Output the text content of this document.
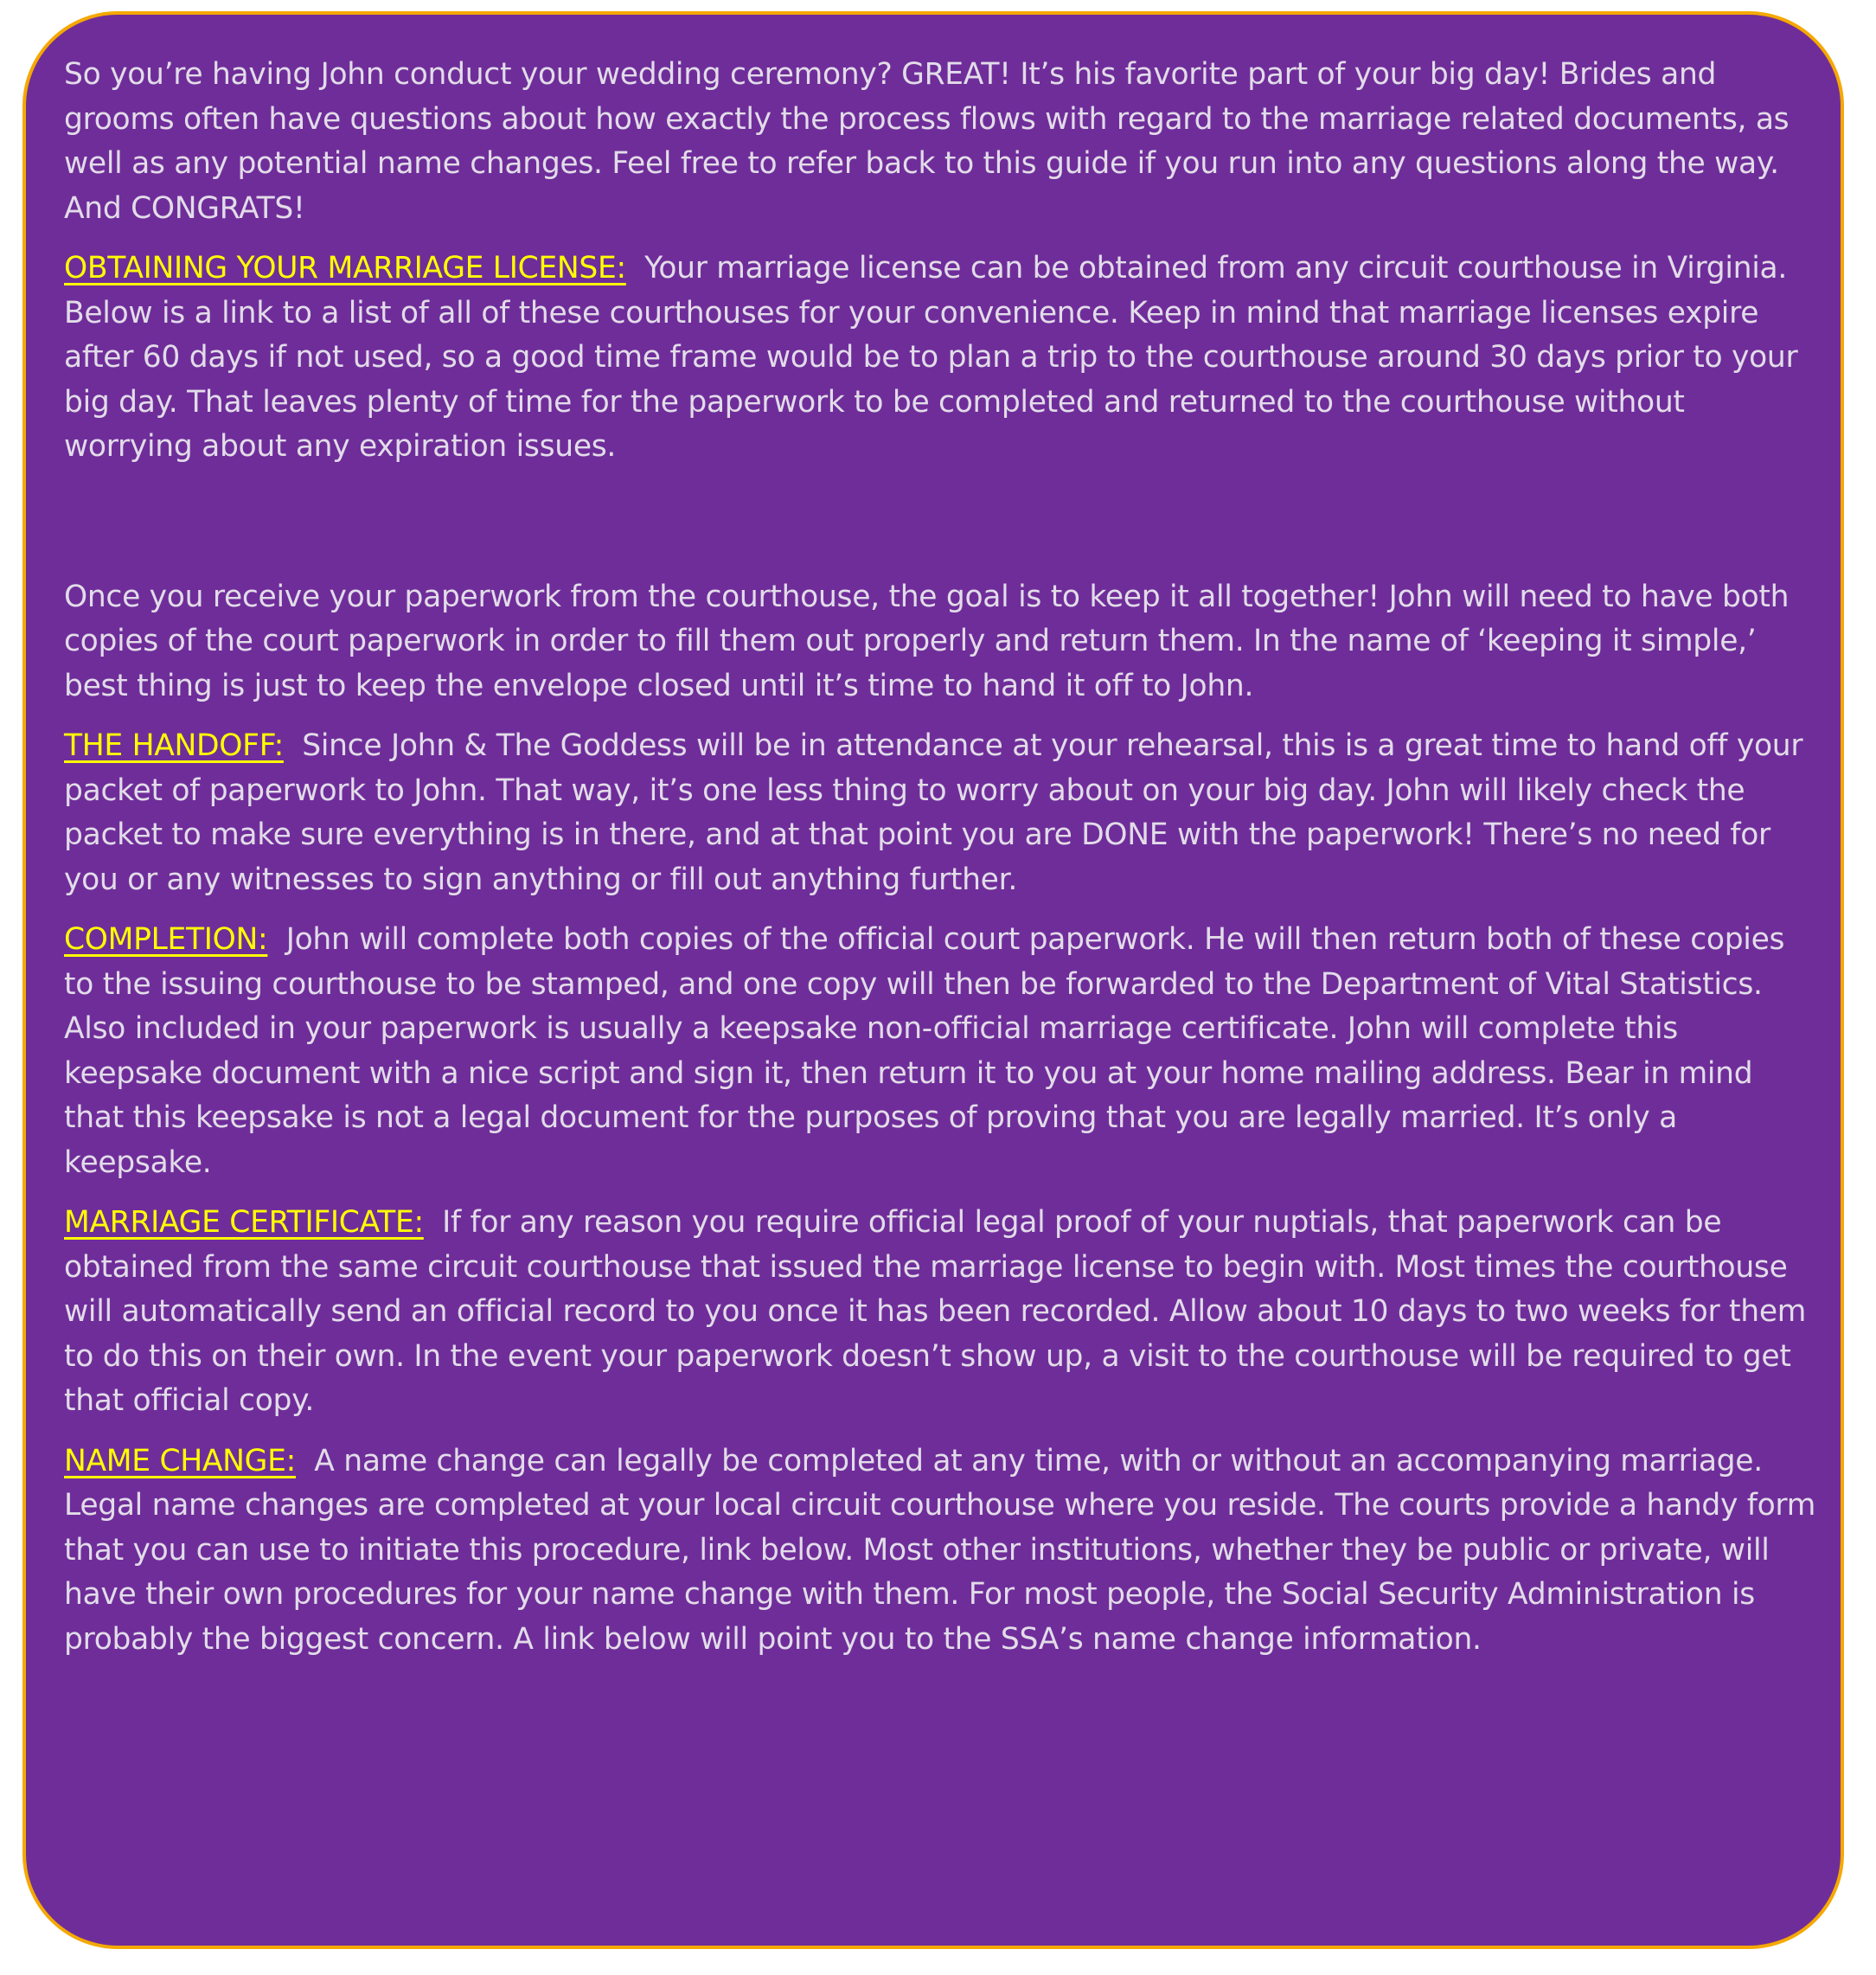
So you’re having John conduct your wedding ceremony? GREAT! It’s his favorite part of your big day! Brides and grooms often have questions about how exactly the process flows with regard to the marriage related documents, as well as any potential name changes. Feel free to refer back to this guide if you run into any questions along the way. And CONGRATS!

OBTAINING YOUR MARRIAGE LICENSE: Your marriage license can be obtained from any circuit courthouse in Virginia. Below is a link to a list of all of these courthouses for your convenience. Keep in mind that marriage licenses expire after 60 days if not used, so a good time frame would be to plan a trip to the courthouse around 30 days prior to your big day. That leaves plenty of time for the paperwork to be completed and returned to the courthouse without worrying about any expiration issues.

Once you receive your paperwork from the courthouse, the goal is to keep it all together! John will need to have both copies of the court paperwork in order to fill them out properly and return them. In the name of ‘keeping it simple,’ best thing is just to keep the envelope closed until it’s time to hand it off to John.

THE HANDOFF: Since John & The Goddess will be in attendance at your rehearsal, this is a great time to hand off your packet of paperwork to John. That way, it’s one less thing to worry about on your big day. John will likely check the packet to make sure everything is in there, and at that point you are DONE with the paperwork! There’s no need for you or any witnesses to sign anything or fill out anything further.

COMPLETION: John will complete both copies of the official court paperwork. He will then return both of these copies to the issuing courthouse to be stamped, and one copy will then be forwarded to the Department of Vital Statistics. Also included in your paperwork is usually a keepsake non-official marriage certificate. John will complete this keepsake document with a nice script and sign it, then return it to you at your home mailing address. Bear in mind that this keepsake is not a legal document for the purposes of proving that you are legally married. It’s only a keepsake.

MARRIAGE CERTIFICATE: If for any reason you require official legal proof of your nuptials, that paperwork can be obtained from the same circuit courthouse that issued the marriage license to begin with. Most times the courthouse will automatically send an official record to you once it has been recorded. Allow about 10 days to two weeks for them to do this on their own. In the event your paperwork doesn’t show up, a visit to the courthouse will be required to get that official copy.

NAME CHANGE: A name change can legally be completed at any time, with or without an accompanying marriage. Legal name changes are completed at your local circuit courthouse where you reside. The courts provide a handy form that you can use to initiate this procedure, link below. Most other institutions, whether they be public or private, will have their own procedures for your name change with them. For most people, the Social Security Administration is probably the biggest concern. A link below will point you to the SSA’s name change information.
